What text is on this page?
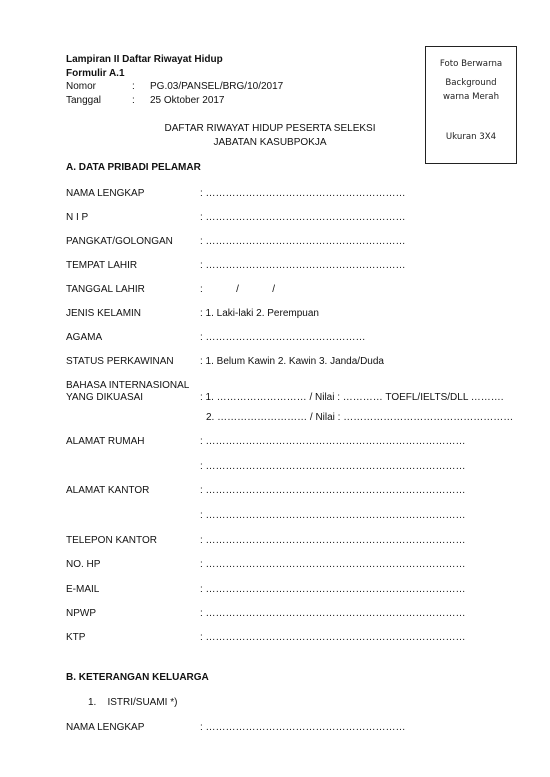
Lampiran II Daftar Riwayat Hidup
Formulir A.1
Nomor	: PG.03/PANSEL/BRG/10/2017
Tanggal	: 25 Oktober 2017
Foto Berwarna
Background
warna Merah
Ukuran 3X4
DAFTAR RIWAYAT HIDUP PESERTA SELEKSI
JABATAN KASUBPOKJA
A. DATA PRIBADI PELAMAR
NAMA LENGKAP	: ……………………………………………………
N I P	: ……………………………………………………
PANGKAT/GOLONGAN	: ……………………………………………………
TEMPAT LAHIR	: ……………………………………………………
TANGGAL LAHIR	:            /            /
JENIS KELAMIN	: 1. Laki-laki 2. Perempuan
AGAMA	: …………………………………………
STATUS PERKAWINAN	: 1. Belum Kawin 2. Kawin 3. Janda/Duda
BAHASA INTERNASIONAL
YANG DIKUASAI	: 1. ……………………… / Nilai : ………… TOEFL/IELTS/DLL ……….
2. ……………………… / Nilai : ……………………………………………
ALAMAT RUMAH	: ……………………………………………………………………
: ……………………………………………………………………
ALAMAT KANTOR	: ……………………………………………………………………
: ……………………………………………………………………
TELEPON KANTOR	: ……………………………………………………………………
NO. HP	: ……………………………………………………………………
E-MAIL	: ……………………………………………………………………
NPWP	: ……………………………………………………………………
KTP	: ……………………………………………………………………
B. KETERANGAN KELUARGA
1.    ISTRI/SUAMI *)
NAMA LENGKAP	: ……………………………………………………
